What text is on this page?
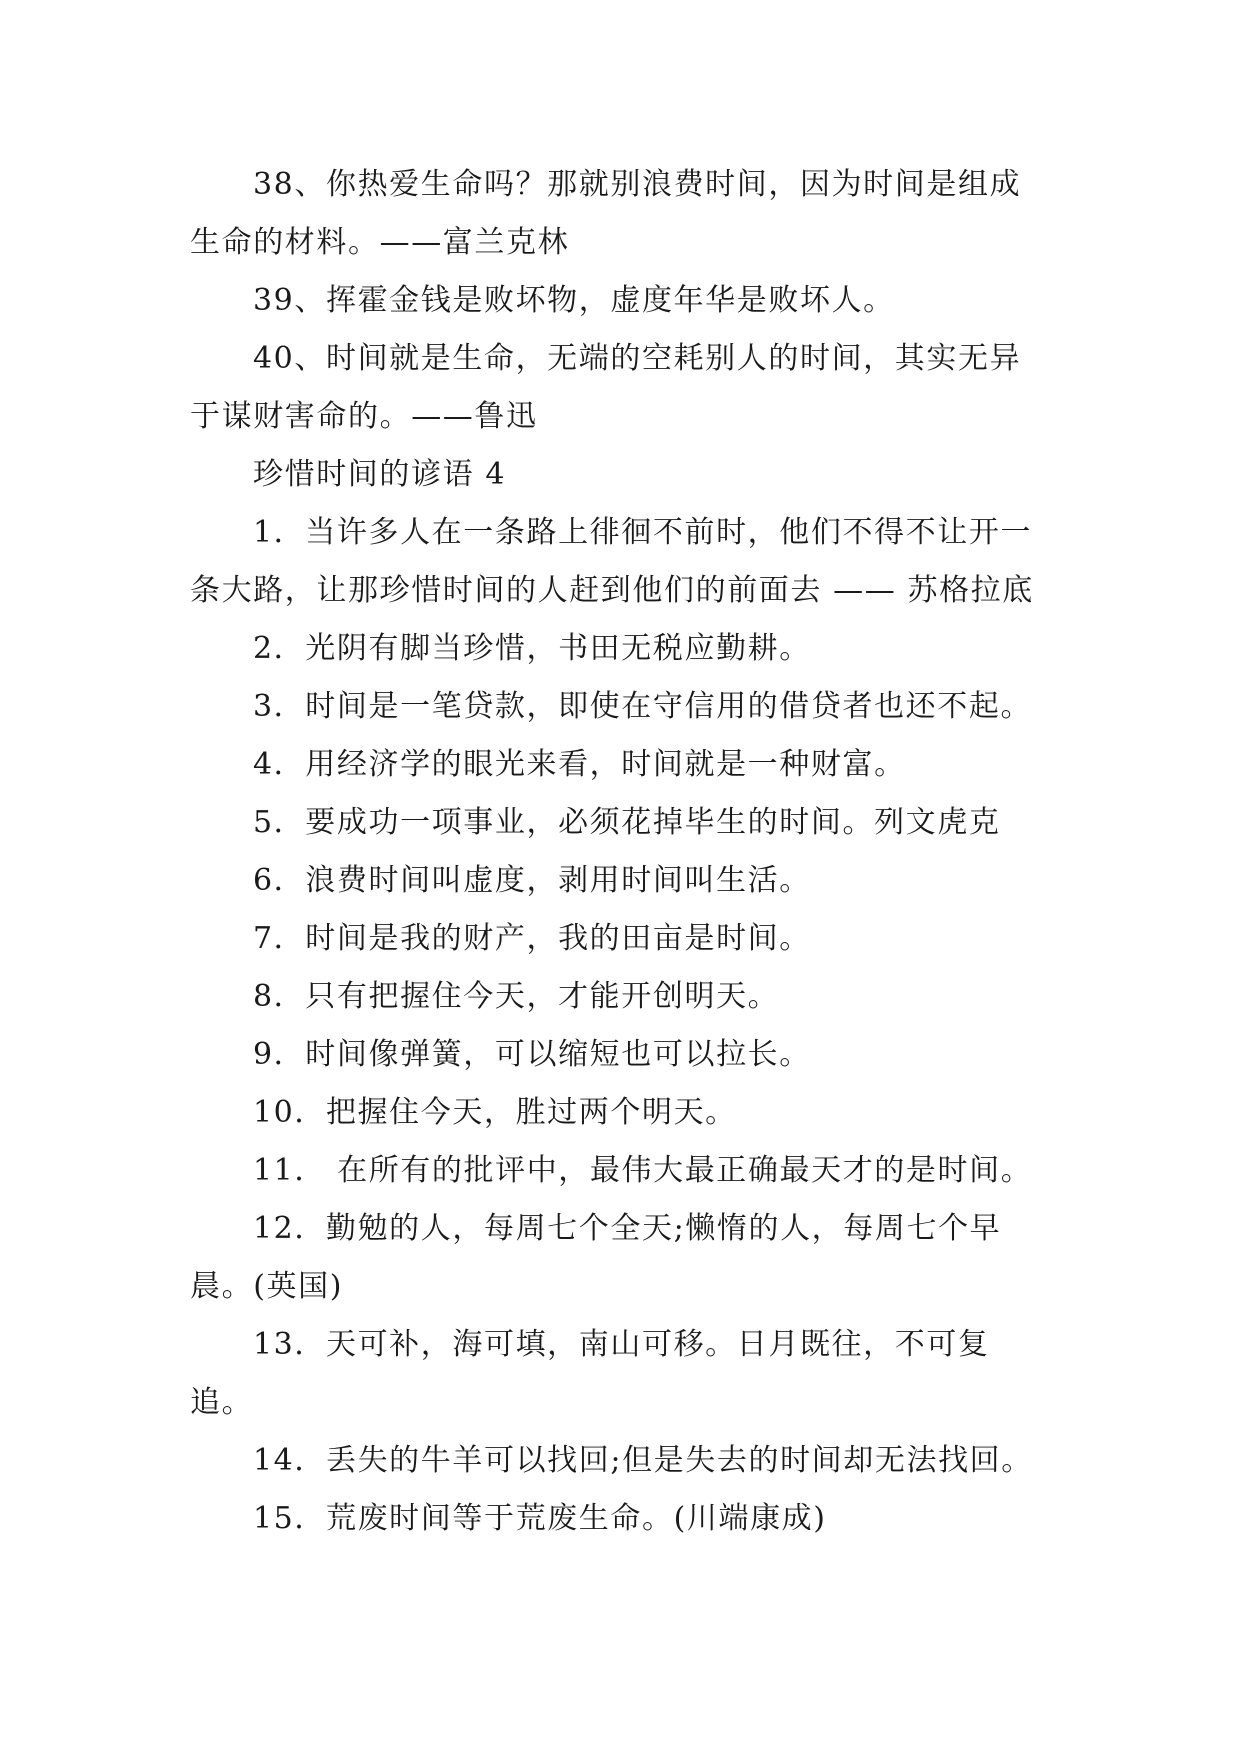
38、你热爱生命吗？那就别浪费时间，因为时间是组成生命的材料。——富兰克林

39、挥霍金钱是败坏物，虚度年华是败坏人。

40、时间就是生命，无端的空耗别人的时间，其实无异于谋财害命的。——鲁迅

珍惜时间的谚语 4

1．当许多人在一条路上徘徊不前时，他们不得不让开一条大路，让那珍惜时间的人赶到他们的前面去 —— 苏格拉底

2．光阴有脚当珍惜，书田无税应勤耕。

3．时间是一笔贷款，即使在守信用的借贷者也还不起。

4．用经济学的眼光来看，时间就是一种财富。

5．要成功一项事业，必须花掉毕生的时间。列文虎克

6．浪费时间叫虚度，剥用时间叫生活。

7．时间是我的财产，我的田亩是时间。

8．只有把握住今天，才能开创明天。

9．时间像弹簧，可以缩短也可以拉长。

10．把握住今天，胜过两个明天。

11． 在所有的批评中，最伟大最正确最天才的是时间。

12．勤勉的人，每周七个全天;懒惰的人，每周七个早晨。(英国)

13．天可补，海可填，南山可移。日月既往，不可复追。

14．丢失的牛羊可以找回;但是失去的时间却无法找回。

15．荒废时间等于荒废生命。(川端康成)
